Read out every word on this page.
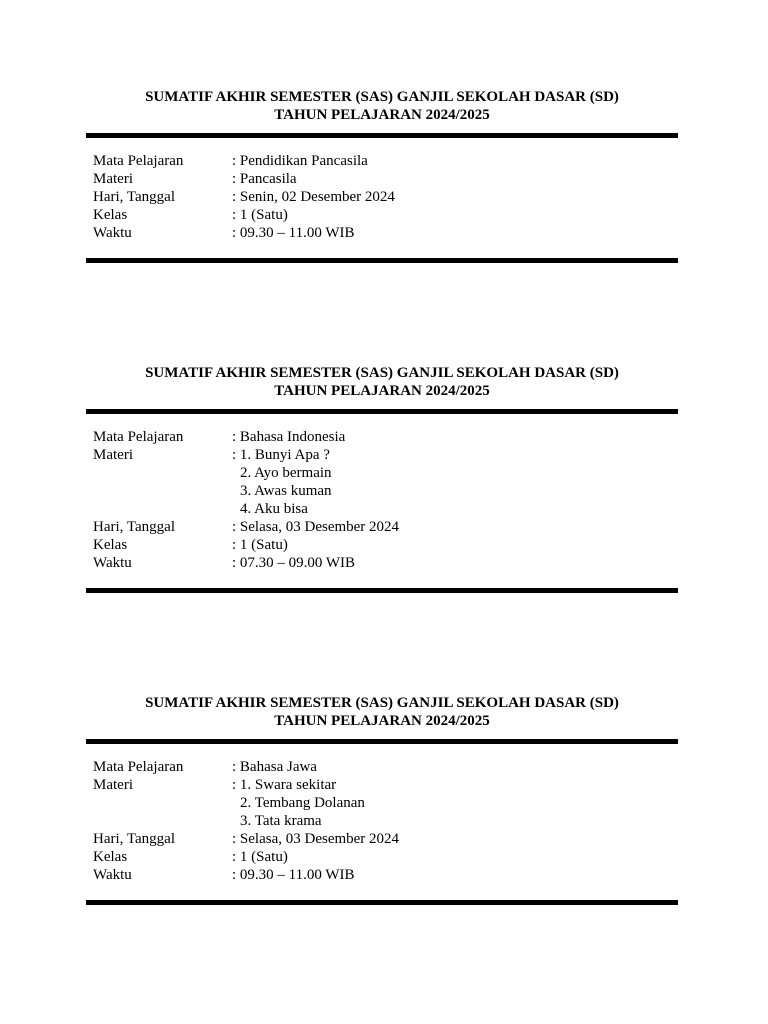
SUMATIF AKHIR SEMESTER (SAS) GANJIL SEKOLAH DASAR (SD)

TAHUN PELAJARAN 2024/2025

Mata Pelajaran	: Pendidikan Pancasila
Materi	: Pancasila
Hari, Tanggal	: Senin, 02 Desember 2024
Kelas	: 1 (Satu)
Waktu	: 09.30 – 11.00 WIB

SUMATIF AKHIR SEMESTER (SAS) GANJIL SEKOLAH DASAR (SD)

TAHUN PELAJARAN 2024/2025

Mata Pelajaran	: Bahasa Indonesia
Materi	: 1. Bunyi Apa ?
2. Ayo bermain
3. Awas kuman
4. Aku bisa
Hari, Tanggal	: Selasa, 03 Desember 2024
Kelas	: 1 (Satu)
Waktu	: 07.30 – 09.00 WIB

SUMATIF AKHIR SEMESTER (SAS) GANJIL SEKOLAH DASAR (SD)

TAHUN PELAJARAN 2024/2025

Mata Pelajaran	: Bahasa Jawa
Materi	: 1. Swara sekitar
2. Tembang Dolanan
3. Tata krama
Hari, Tanggal	: Selasa, 03 Desember 2024
Kelas	: 1 (Satu)
Waktu	: 09.30 – 11.00 WIB
